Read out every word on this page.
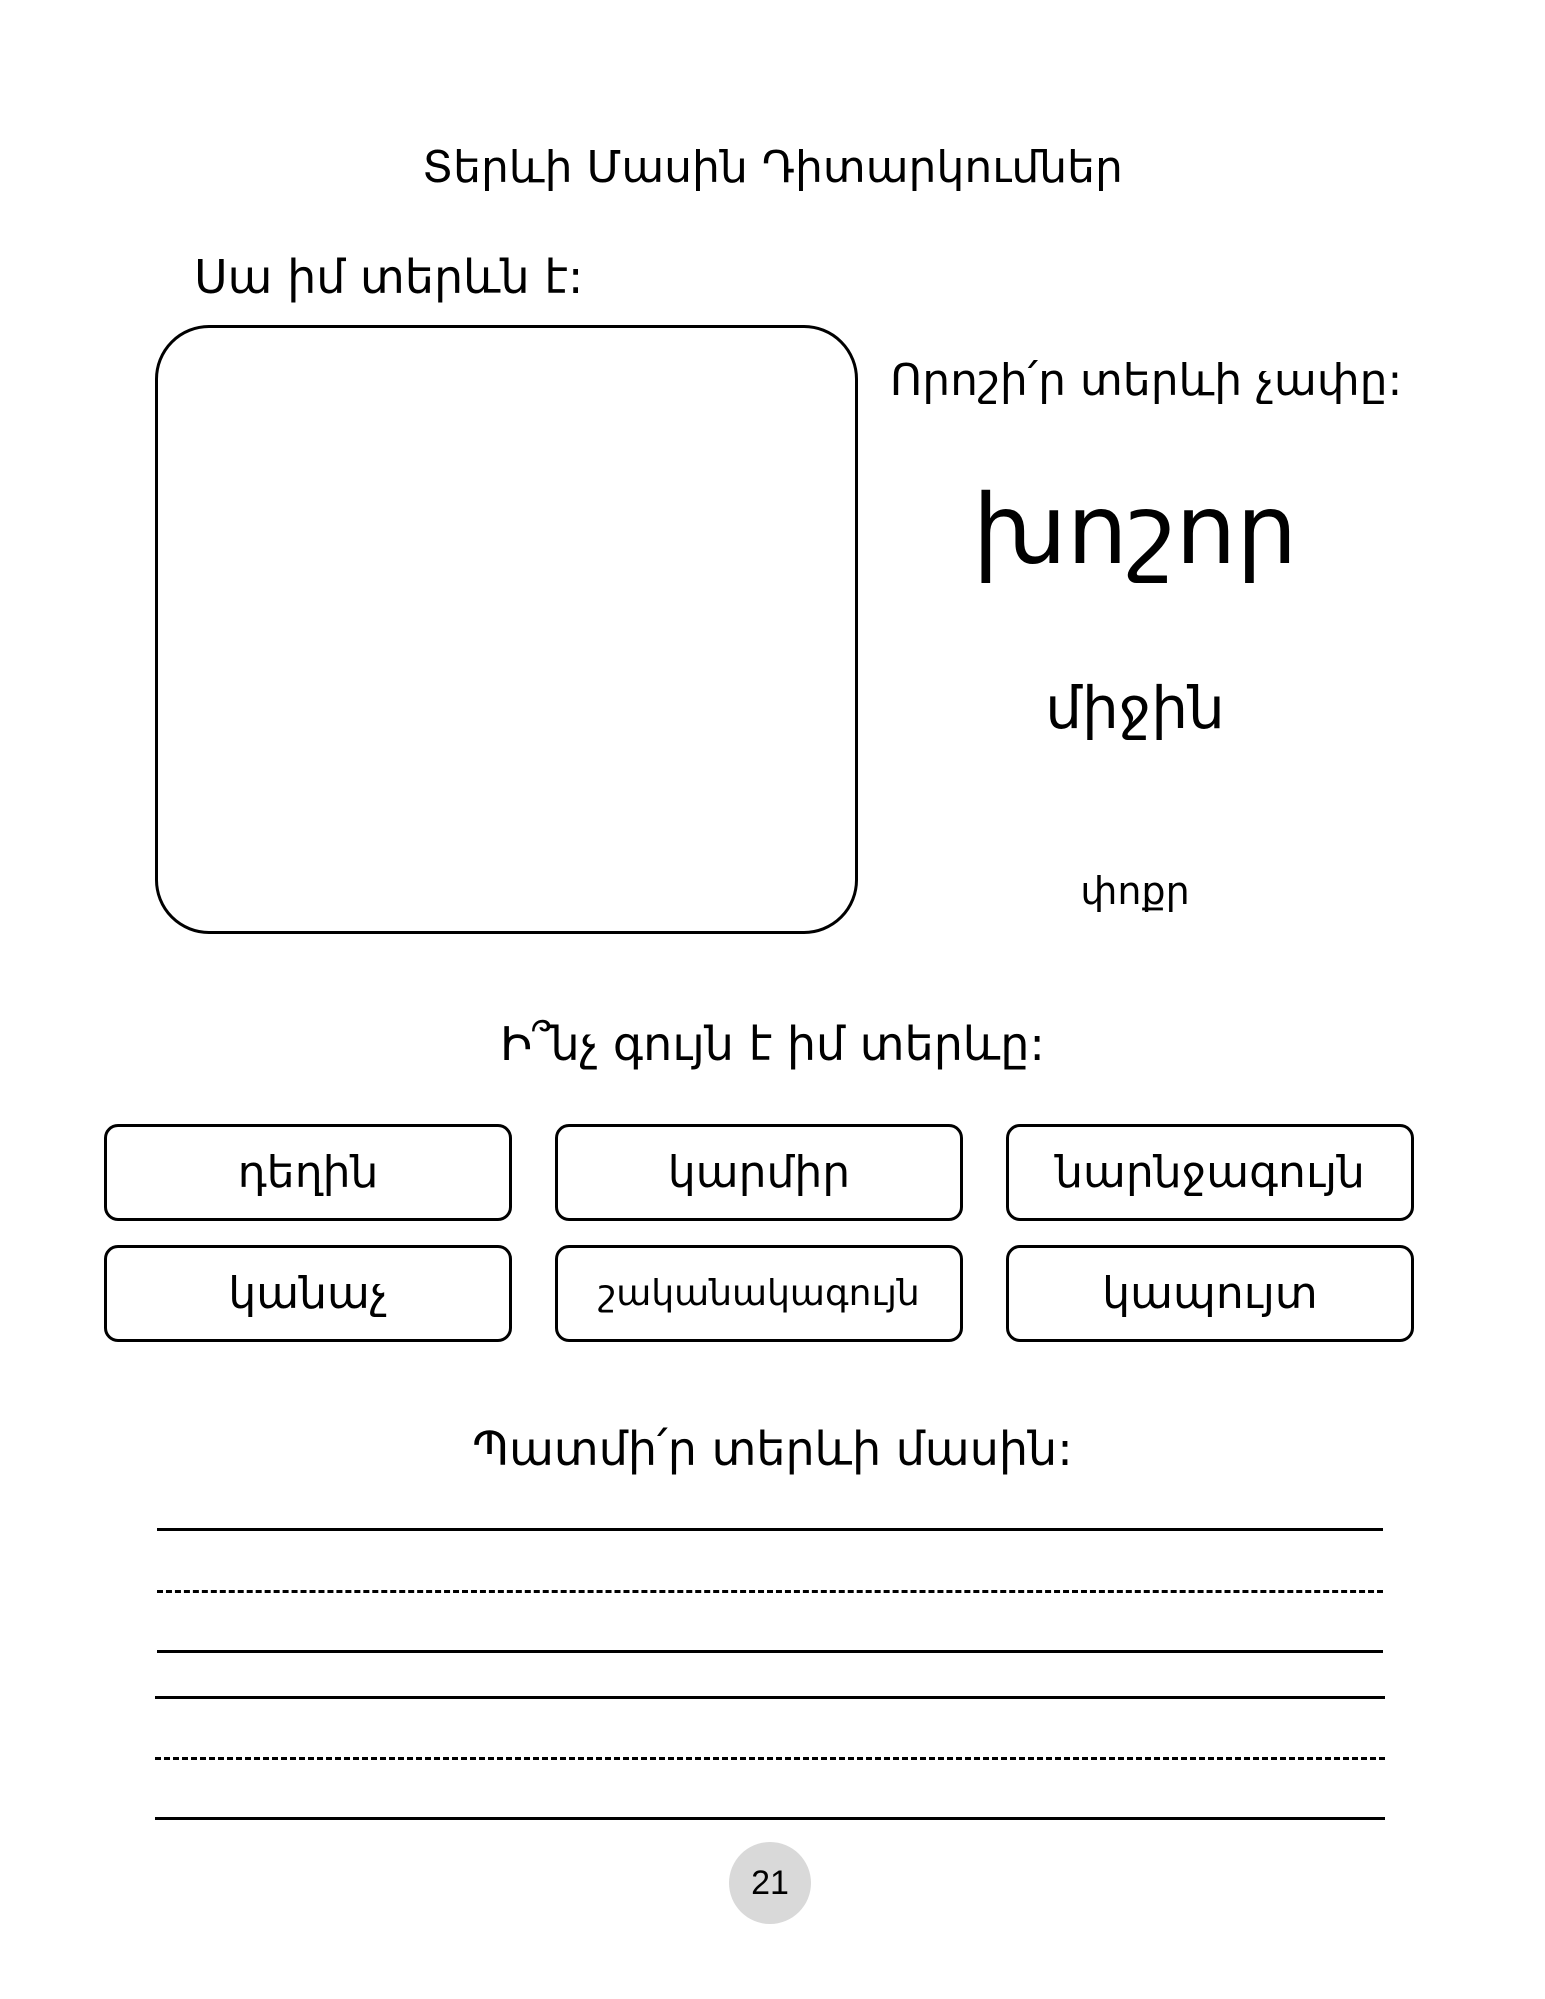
Տերևի Մասին Դիտարկումներ
Սա իմ տերևն է:
Որոշի՛ր տերևի չափը:
խոշոր
միջին
փոքր
Ի՞նչ գույն է իմ տերևը:
դեղին	կարմիր	նարնջագույն
կանաչ	շականակագույն	կապույտ
Պատմի՛ր տերևի մասին:
21
